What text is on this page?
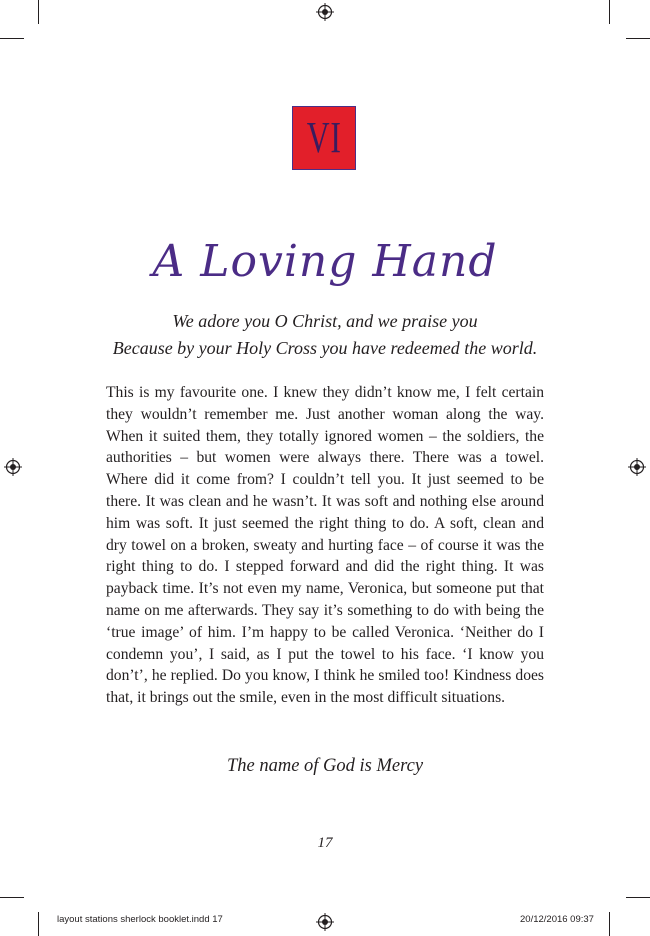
VI
A Loving Hand
We adore you O Christ, and we praise you
Because by your Holy Cross you have redeemed the world.

This is my favourite one. I knew they didn’t know me, I felt certain they wouldn’t remember me. Just another woman along the way. When it suited them, they totally ignored women – the soldiers, the authorities – but women were always there. There was a towel. Where did it come from? I couldn’t tell you. It just seemed to be there. It was clean and he wasn’t. It was soft and nothing else around him was soft. It just seemed the right thing to do. A soft, clean and dry towel on a broken, sweaty and hurting face – of course it was the right thing to do. I stepped forward and did the right thing. It was payback time. It’s not even my name, Veronica, but someone put that name on me afterwards. They say it’s something to do with being the ‘true image’ of him. I’m happy to be called Veronica. ‘Neither do I condemn you’, I said, as I put the towel to his face. ‘I know you don’t’, he replied. Do you know, I think he smiled too! Kindness does that, it brings out the smile, even in the most difficult situations.

The name of God is Mercy
17
layout stations sherlock booklet.indd 17	20/12/2016 09:37
